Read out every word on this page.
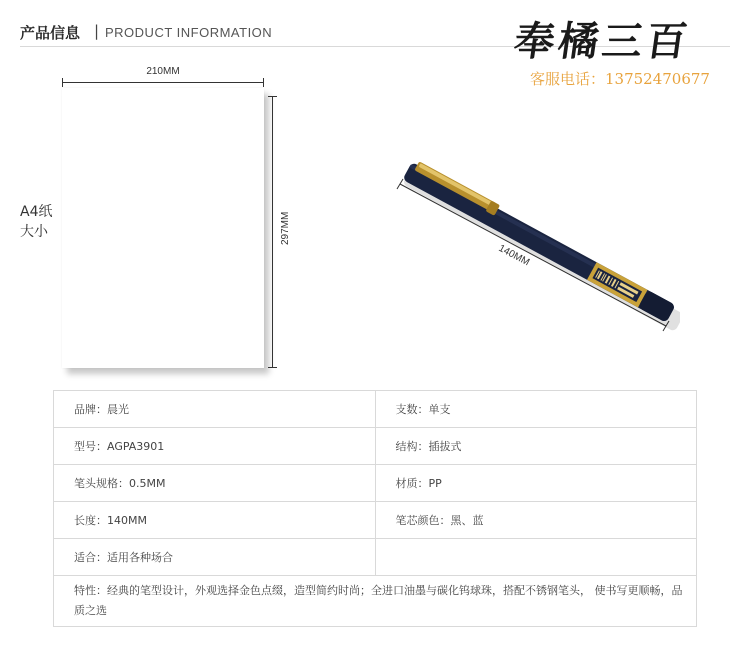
产品信息 | PRODUCT INFORMATION	奉橘三百
客服电话：13752470677
210MM
297MM
A4纸
大小
140MM
品牌：晨光	支数：单支
型号：AGPA3901	结构：插拔式
笔头规格：0.5MM	材质：PP
长度：140MM	笔芯颜色：黑、蓝
适合：适用各种场合	
特性：经典的笔型设计，外观选择金色点缀，造型简约时尚；全进口油墨与碳化钨球珠，搭配不锈钢笔头， 使书写更顺畅，品质之选	
